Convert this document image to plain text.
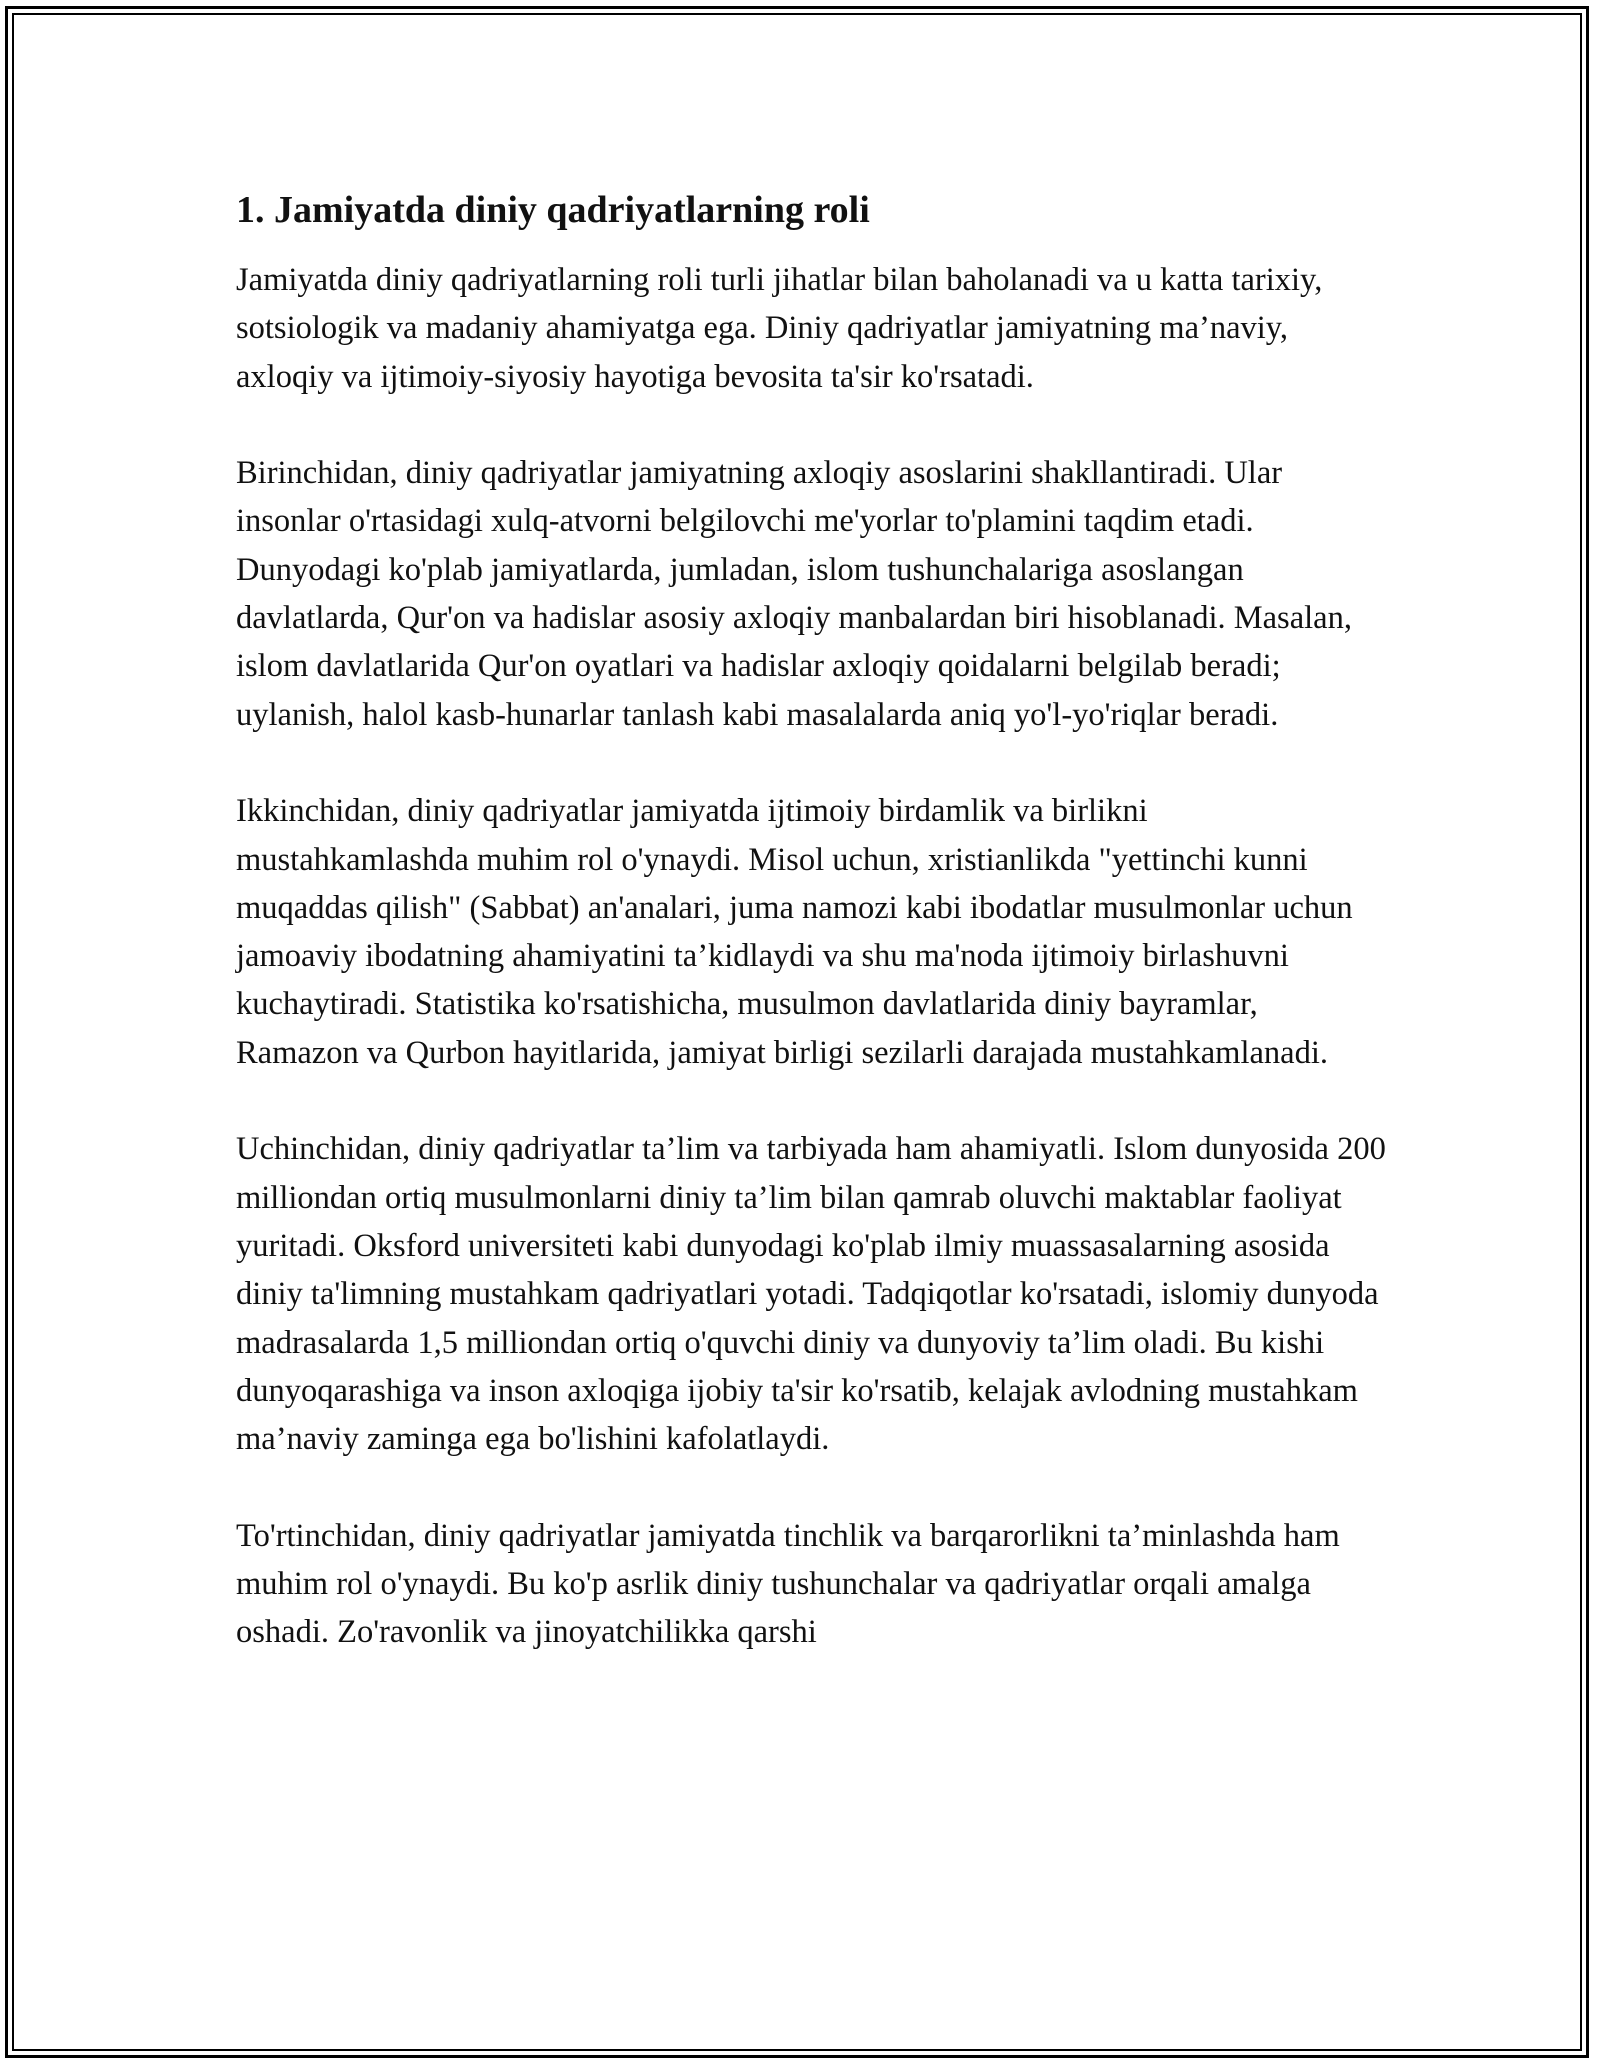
1. Jamiyatda diniy qadriyatlarning roli

Jamiyatda diniy qadriyatlarning roli turli jihatlar bilan baholanadi va u katta tarixiy, sotsiologik va madaniy ahamiyatga ega. Diniy qadriyatlar jamiyatning ma’naviy, axloqiy va ijtimoiy-siyosiy hayotiga bevosita ta'sir ko'rsatadi.

Birinchidan, diniy qadriyatlar jamiyatning axloqiy asoslarini shakllantiradi. Ular insonlar o'rtasidagi xulq-atvorni belgilovchi me'yorlar to'plamini taqdim etadi. Dunyodagi ko'plab jamiyatlarda, jumladan, islom tushunchalariga asoslangan davlatlarda, Qur'on va hadislar asosiy axloqiy manbalardan biri hisoblanadi. Masalan, islom davlatlarida Qur'on oyatlari va hadislar axloqiy qoidalarni belgilab beradi; uylanish, halol kasb-hunarlar tanlash kabi masalalarda aniq yo'l-yo'riqlar beradi.

Ikkinchidan, diniy qadriyatlar jamiyatda ijtimoiy birdamlik va birlikni mustahkamlashda muhim rol o'ynaydi. Misol uchun, xristianlikda "yettinchi kunni muqaddas qilish" (Sabbat) an'analari, juma namozi kabi ibodatlar musulmonlar uchun jamoaviy ibodatning ahamiyatini ta’kidlaydi va shu ma'noda ijtimoiy birlashuvni kuchaytiradi. Statistika ko'rsatishicha, musulmon davlatlarida diniy bayramlar, Ramazon va Qurbon hayitlarida, jamiyat birligi sezilarli darajada mustahkamlanadi.

Uchinchidan, diniy qadriyatlar ta’lim va tarbiyada ham ahamiyatli. Islom dunyosida 200 milliondan ortiq musulmonlarni diniy ta’lim bilan qamrab oluvchi maktablar faoliyat yuritadi. Oksford universiteti kabi dunyodagi ko'plab ilmiy muassasalarning asosida diniy ta'limning mustahkam qadriyatlari yotadi. Tadqiqotlar ko'rsatadi, islomiy dunyoda madrasalarda 1,5 milliondan ortiq o'quvchi diniy va dunyoviy ta’lim oladi. Bu kishi dunyoqarashiga va inson axloqiga ijobiy ta'sir ko'rsatib, kelajak avlodning mustahkam ma’naviy zaminga ega bo'lishini kafolatlaydi.

To'rtinchidan, diniy qadriyatlar jamiyatda tinchlik va barqarorlikni ta’minlashda ham muhim rol o'ynaydi. Bu ko'p asrlik diniy tushunchalar va qadriyatlar orqali amalga oshadi. Zo'ravonlik va jinoyatchilikka qarshi
